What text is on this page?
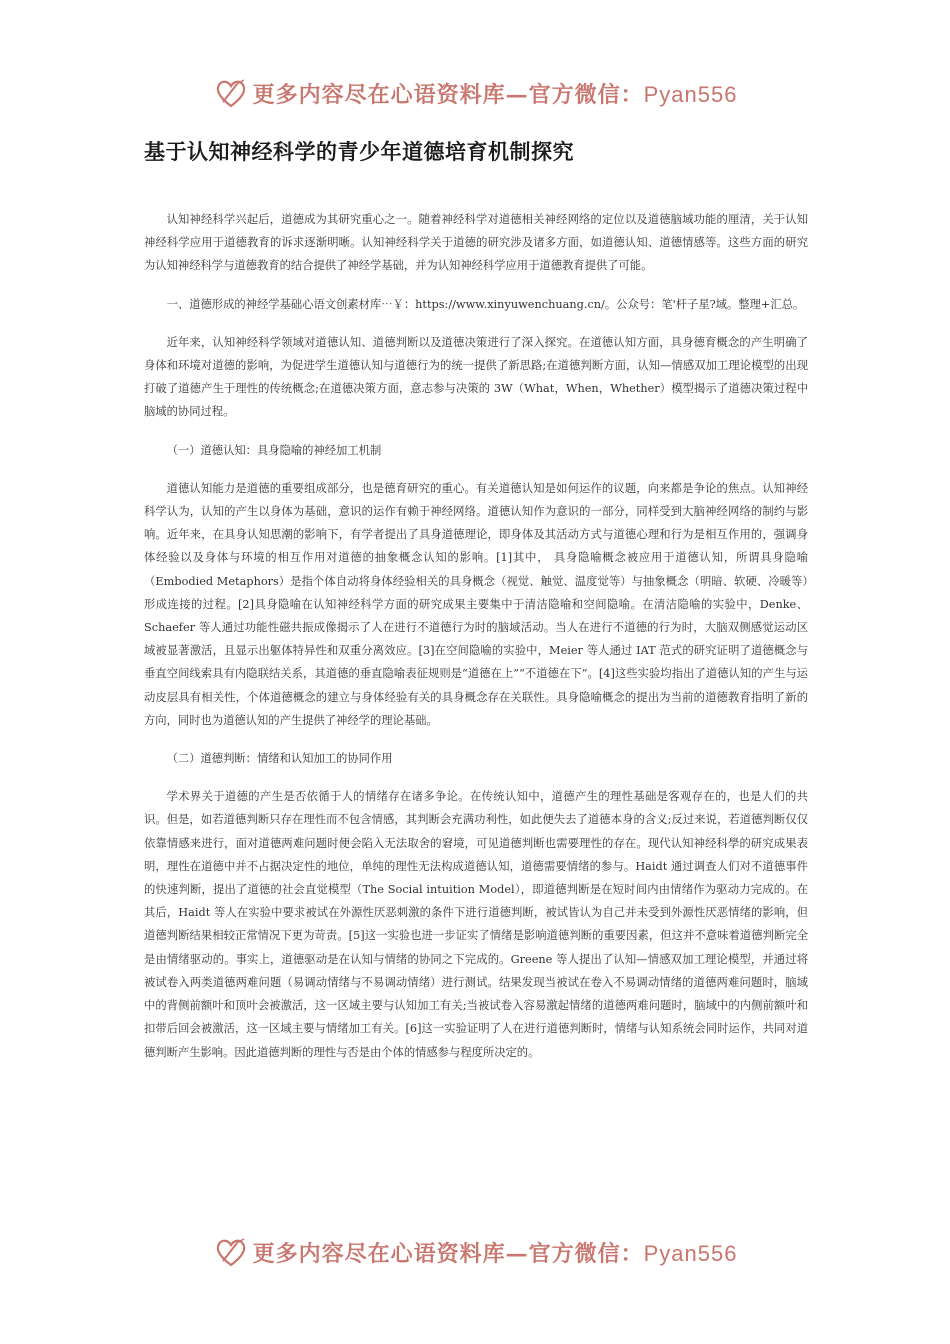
更多内容尽在心语资料库—官方微信：Pyan556
基于认知神经科学的青少年道德培育机制探究

认知神经科学兴起后，道德成为其研究重心之一。随着神经科学对道德相关神经网络的定位以及道德脑域功能的厘清，关于认知神经科学应用于道德教育的诉求逐渐明晰。认知神经科学关于道德的研究涉及诸多方面，如道德认知、道德情感等。这些方面的研究为认知神经科学与道德教育的结合提供了神经学基础，并为认知神经科学应用于道德教育提供了可能。

一、道德形成的神经学基础心语文创素材库⋯￥：https://www.xinyuwenchuang.cn/。公众号：笔'杆子星?域。整理+汇总。

近年来，认知神经科学领域对道德认知、道德判断以及道德决策进行了深入探究。在道德认知方面，具身德育概念的产生明确了身体和环境对道德的影响，为促进学生道德认知与道德行为的统一提供了新思路;在道德判断方面，认知—情感双加工理论模型的出现打破了道德产生于理性的传统概念;在道德决策方面，意志参与决策的 3W（What，When，Whether）模型揭示了道德决策过程中脑域的协同过程。

（一）道德认知：具身隐喻的神经加工机制

道德认知能力是道德的重要组成部分，也是德育研究的重心。有关道德认知是如何运作的议题，向来都是争论的焦点。认知神经科学认为，认知的产生以身体为基础，意识的运作有赖于神经网络。道德认知作为意识的一部分，同样受到大脑神经网络的制约与影响。近年来，在具身认知思潮的影响下，有学者提出了具身道德理论，即身体及其活动方式与道德心理和行为是相互作用的，强调身体经验以及身体与环境的相互作用对道德的抽象概念认知的影响。[1]其中， 具身隐喻概念被应用于道德认知，所谓具身隐喻（Embodied Metaphors）是指个体自动将身体经验相关的具身概念（视觉、触觉、温度觉等）与抽象概念（明暗、软硬、冷暖等）形成连接的过程。[2]具身隐喻在认知神经科学方面的研究成果主要集中于清洁隐喻和空间隐喻。在清洁隐喻的实验中，Denke、Schaefer 等人通过功能性磁共振成像揭示了人在进行不道德行为时的脑域活动。当人在进行不道德的行为时，大脑双侧感觉运动区域被显著激活，且显示出躯体特异性和双重分离效应。[3]在空间隐喻的实验中，Meier 等人通过 IAT 范式的研究证明了道德概念与垂直空间线索具有内隐联结关系，其道德的垂直隐喻表征规则是“道德在上”“不道德在下”。[4]这些实验均指出了道德认知的产生与运动皮层具有相关性，个体道德概念的建立与身体经验有关的具身概念存在关联性。具身隐喻概念的提出为当前的道德教育指明了新的方向，同时也为道德认知的产生提供了神经学的理论基础。

（二）道德判断：情绪和认知加工的协同作用

学术界关于道德的产生是否依循于人的情绪存在诸多争论。在传统认知中，道德产生的理性基础是客观存在的，也是人们的共识。但是，如若道德判断只存在理性而不包含情感，其判断会充满功利性，如此便失去了道德本身的含义;反过来说，若道德判断仅仅依靠情感来进行，面对道德两难问题时便会陷入无法取舍的窘境，可见道德判断也需要理性的存在。现代认知神经科學的研究成果表明，理性在道德中并不占据决定性的地位，单纯的理性无法构成道德认知，道德需要情绪的参与。Haidt 通过调查人们对不道德事件的快速判断，提出了道德的社会直觉模型（The Social intuition Model），即道德判断是在短时间内由情绪作为驱动力完成的。在其后，Haidt 等人在实验中要求被试在外源性厌恶刺激的条件下进行道德判断，被试皆认为自己并未受到外源性厌恶情绪的影响，但道德判断结果相较正常情况下更为苛责。[5]这一实验也进一步证实了情绪是影响道德判断的重要因素，但这并不意味着道德判断完全是由情绪驱动的。事实上，道德驱动是在认知与情绪的协同之下完成的。Greene 等人提出了认知—情感双加工理论模型，并通过将被试卷入两类道德两难问题（易调动情绪与不易调动情绪）进行测试。结果发现当被试在卷入不易调动情绪的道德两难问题时，脑域中的背侧前额叶和顶叶会被激活，这一区域主要与认知加工有关;当被试卷入容易激起情绪的道德两难问题时，脑域中的内侧前额叶和扣带后回会被激活，这一区域主要与情绪加工有关。[6]这一实验证明了人在进行道德判断时，情绪与认知系统会同时运作，共同对道德判断产生影响。因此道德判断的理性与否是由个体的情感参与程度所决定的。

更多内容尽在心语资料库—官方微信：Pyan556
